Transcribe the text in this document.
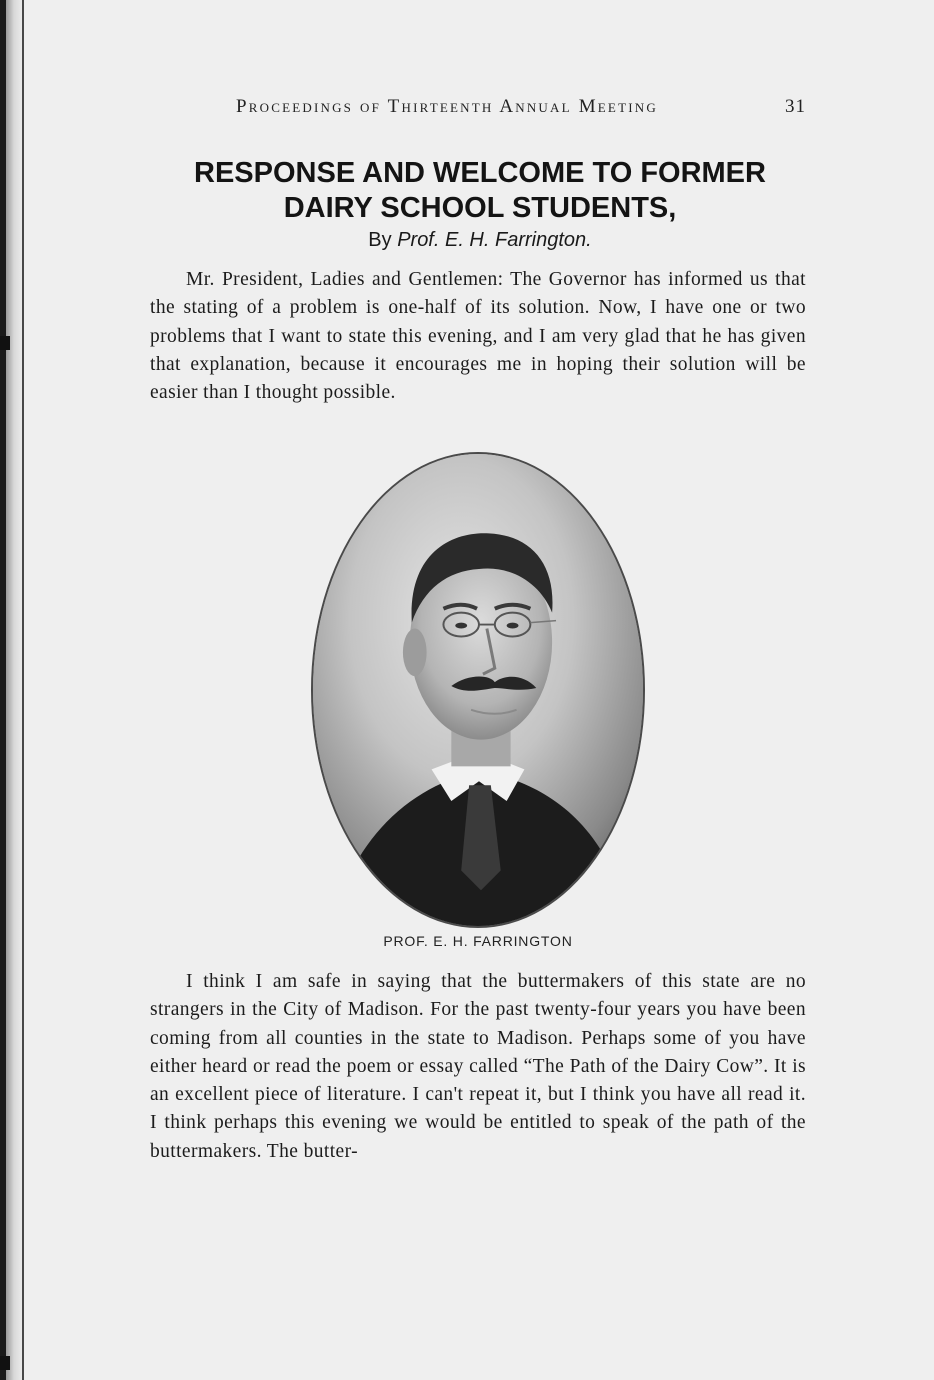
Proceedings of Thirteenth Annual Meeting	31
RESPONSE AND WELCOME TO FORMER
DAIRY SCHOOL STUDENTS,
By Prof. E. H. Farrington.

Mr. President, Ladies and Gentlemen: The Governor has informed us that the stating of a problem is one-half of its solution. Now, I have one or two problems that I want to state this evening, and I am very glad that he has given that explanation, because it encourages me in hoping their solution will be easier than I thought possible.

PROF. E. H. FARRINGTON

I think I am safe in saying that the buttermakers of this state are no strangers in the City of Madison. For the past twenty-four years you have been coming from all counties in the state to Madison. Perhaps some of you have either heard or read the poem or essay called “The Path of the Dairy Cow”. It is an excellent piece of literature. I can't repeat it, but I think you have all read it. I think perhaps this evening we would be entitled to speak of the path of the buttermakers. The butter-
